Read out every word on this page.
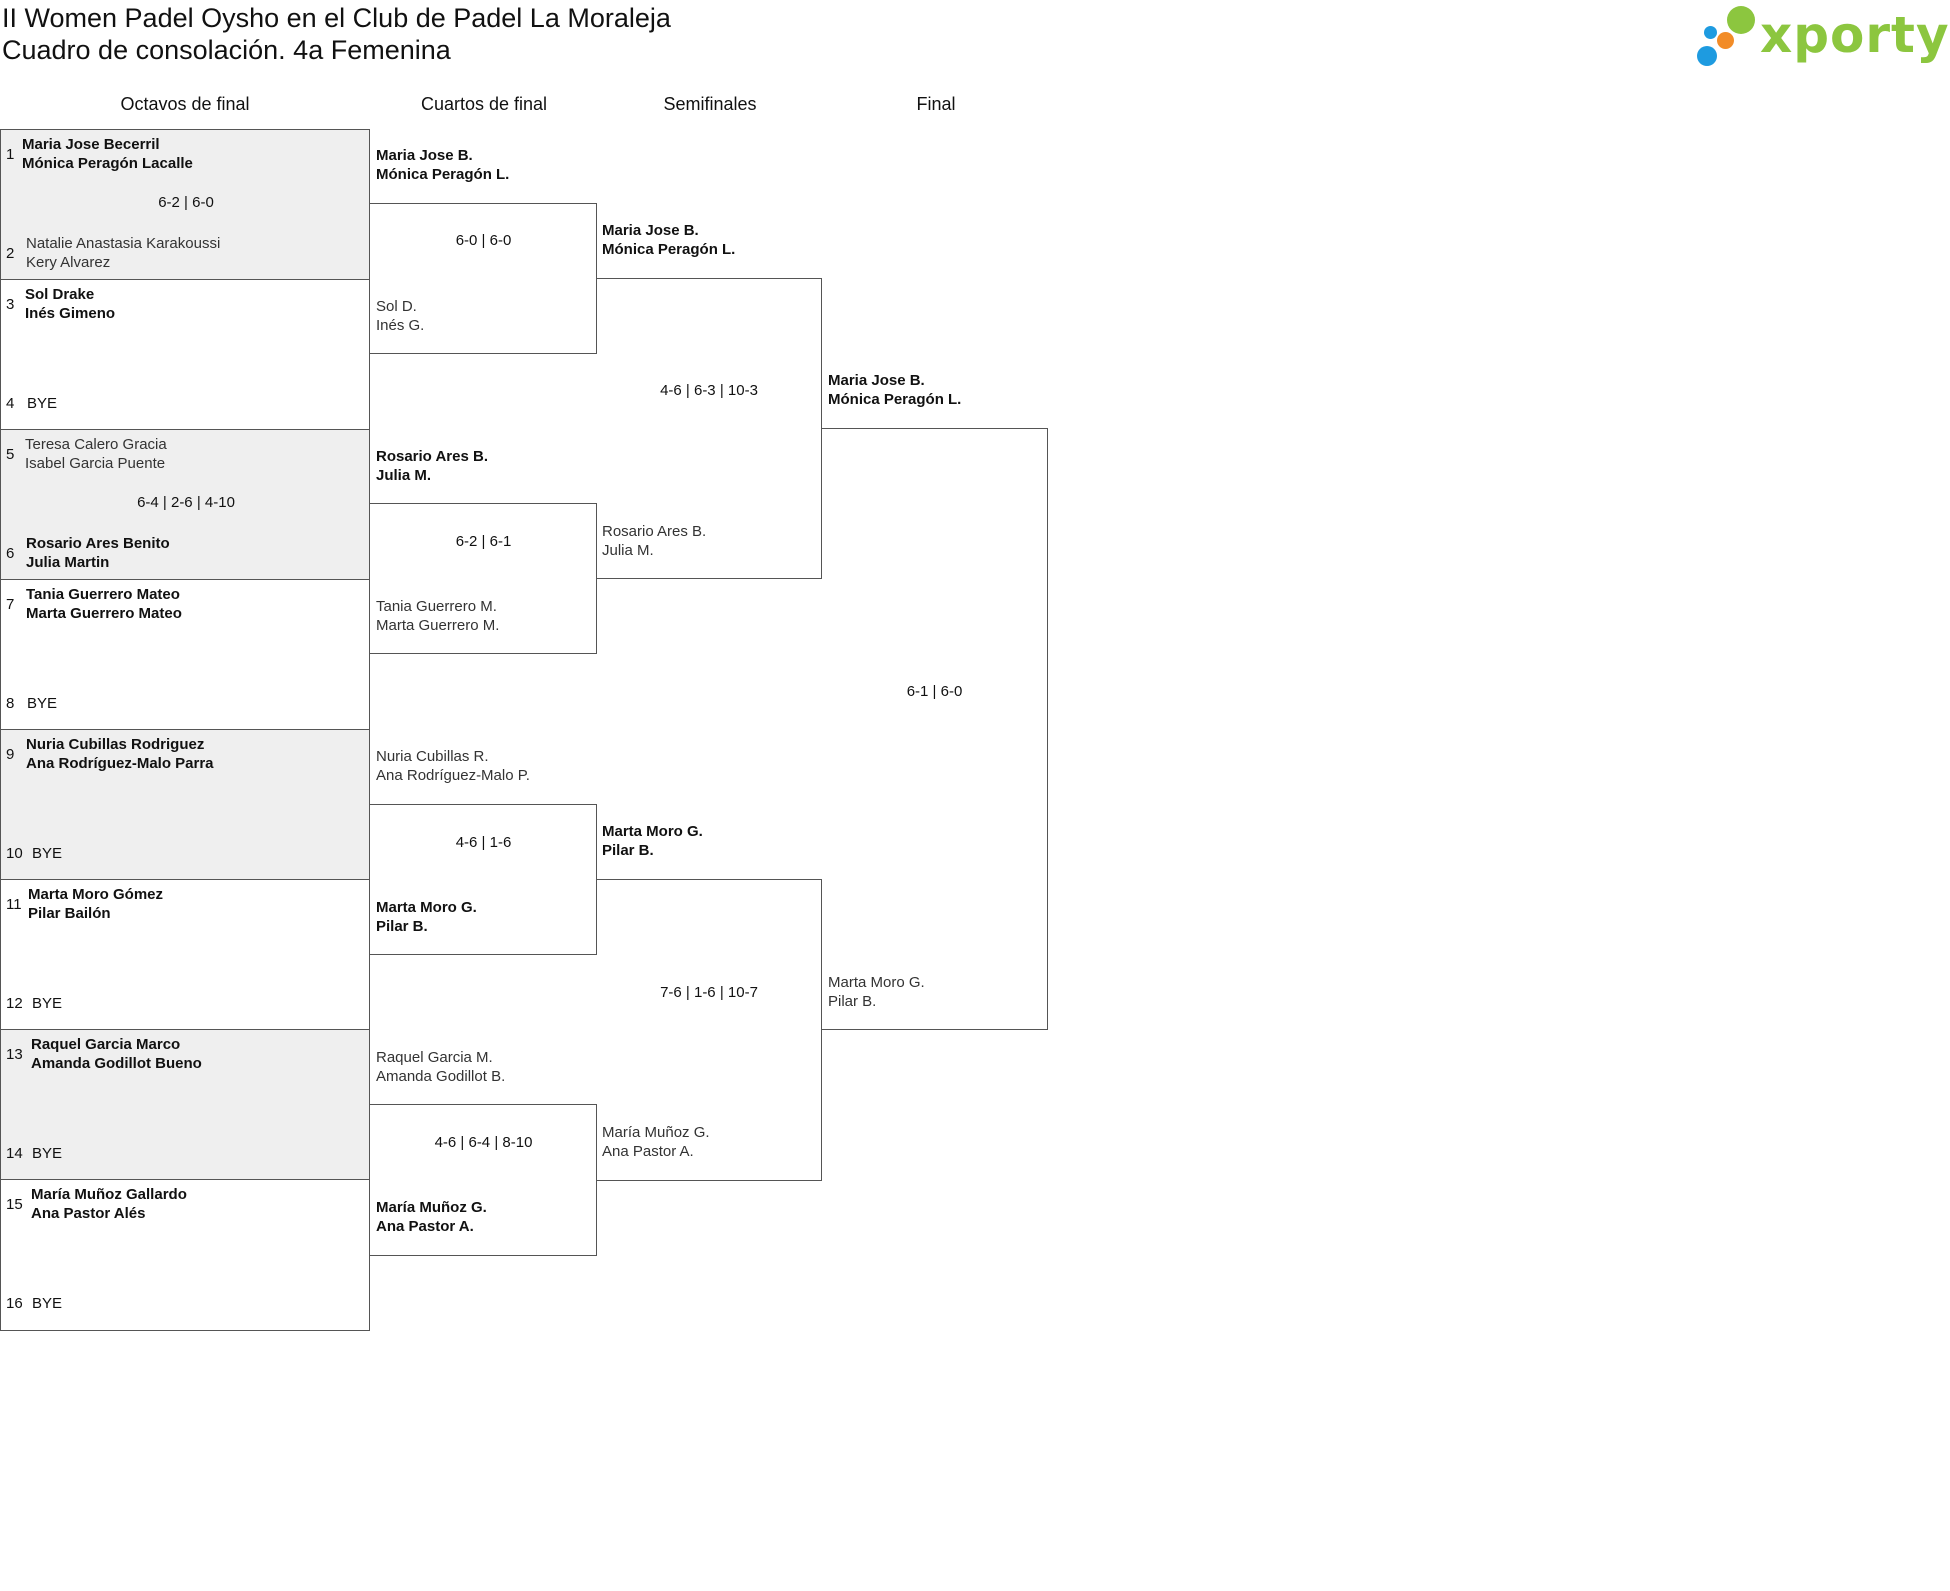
II Women Padel Oysho en el Club de Padel La Moraleja
Cuadro de consolación. 4a Femenina	xporty
Octavos de final	Cuartos de final	Semifinales	Final
1
Maria Jose Becerril
Mónica Peragón Lacalle
6-2 | 6-0
2
Natalie Anastasia Karakoussi
Kery Alvarez
3
Sol Drake
Inés Gimeno
4 BYE
5
Teresa Calero Gracia
Isabel Garcia Puente
6-4 | 2-6 | 4-10
6
Rosario Ares Benito
Julia Martin
7
Tania Guerrero Mateo
Marta Guerrero Mateo
8 BYE
9
Nuria Cubillas Rodriguez
Ana Rodríguez-Malo Parra
10 BYE
11
Marta Moro Gómez
Pilar Bailón
12 BYE
13
Raquel Garcia Marco
Amanda Godillot Bueno
14 BYE
15
María Muñoz Gallardo
Ana Pastor Alés
16 BYE
Maria Jose B.
Mónica Peragón L.
6-0 | 6-0
Sol D.
Inés G.
Rosario Ares B.
Julia M.
6-2 | 6-1
Tania Guerrero M.
Marta Guerrero M.
Nuria Cubillas R.
Ana Rodríguez-Malo P.
4-6 | 1-6
Marta Moro G.
Pilar B.
Raquel Garcia M.
Amanda Godillot B.
4-6 | 6-4 | 8-10
María Muñoz G.
Ana Pastor A.
Maria Jose B.
Mónica Peragón L.
4-6 | 6-3 | 10-3
Rosario Ares B.
Julia M.
Marta Moro G.
Pilar B.
7-6 | 1-6 | 10-7
María Muñoz G.
Ana Pastor A.
Maria Jose B.
Mónica Peragón L.
6-1 | 6-0
Marta Moro G.
Pilar B.
